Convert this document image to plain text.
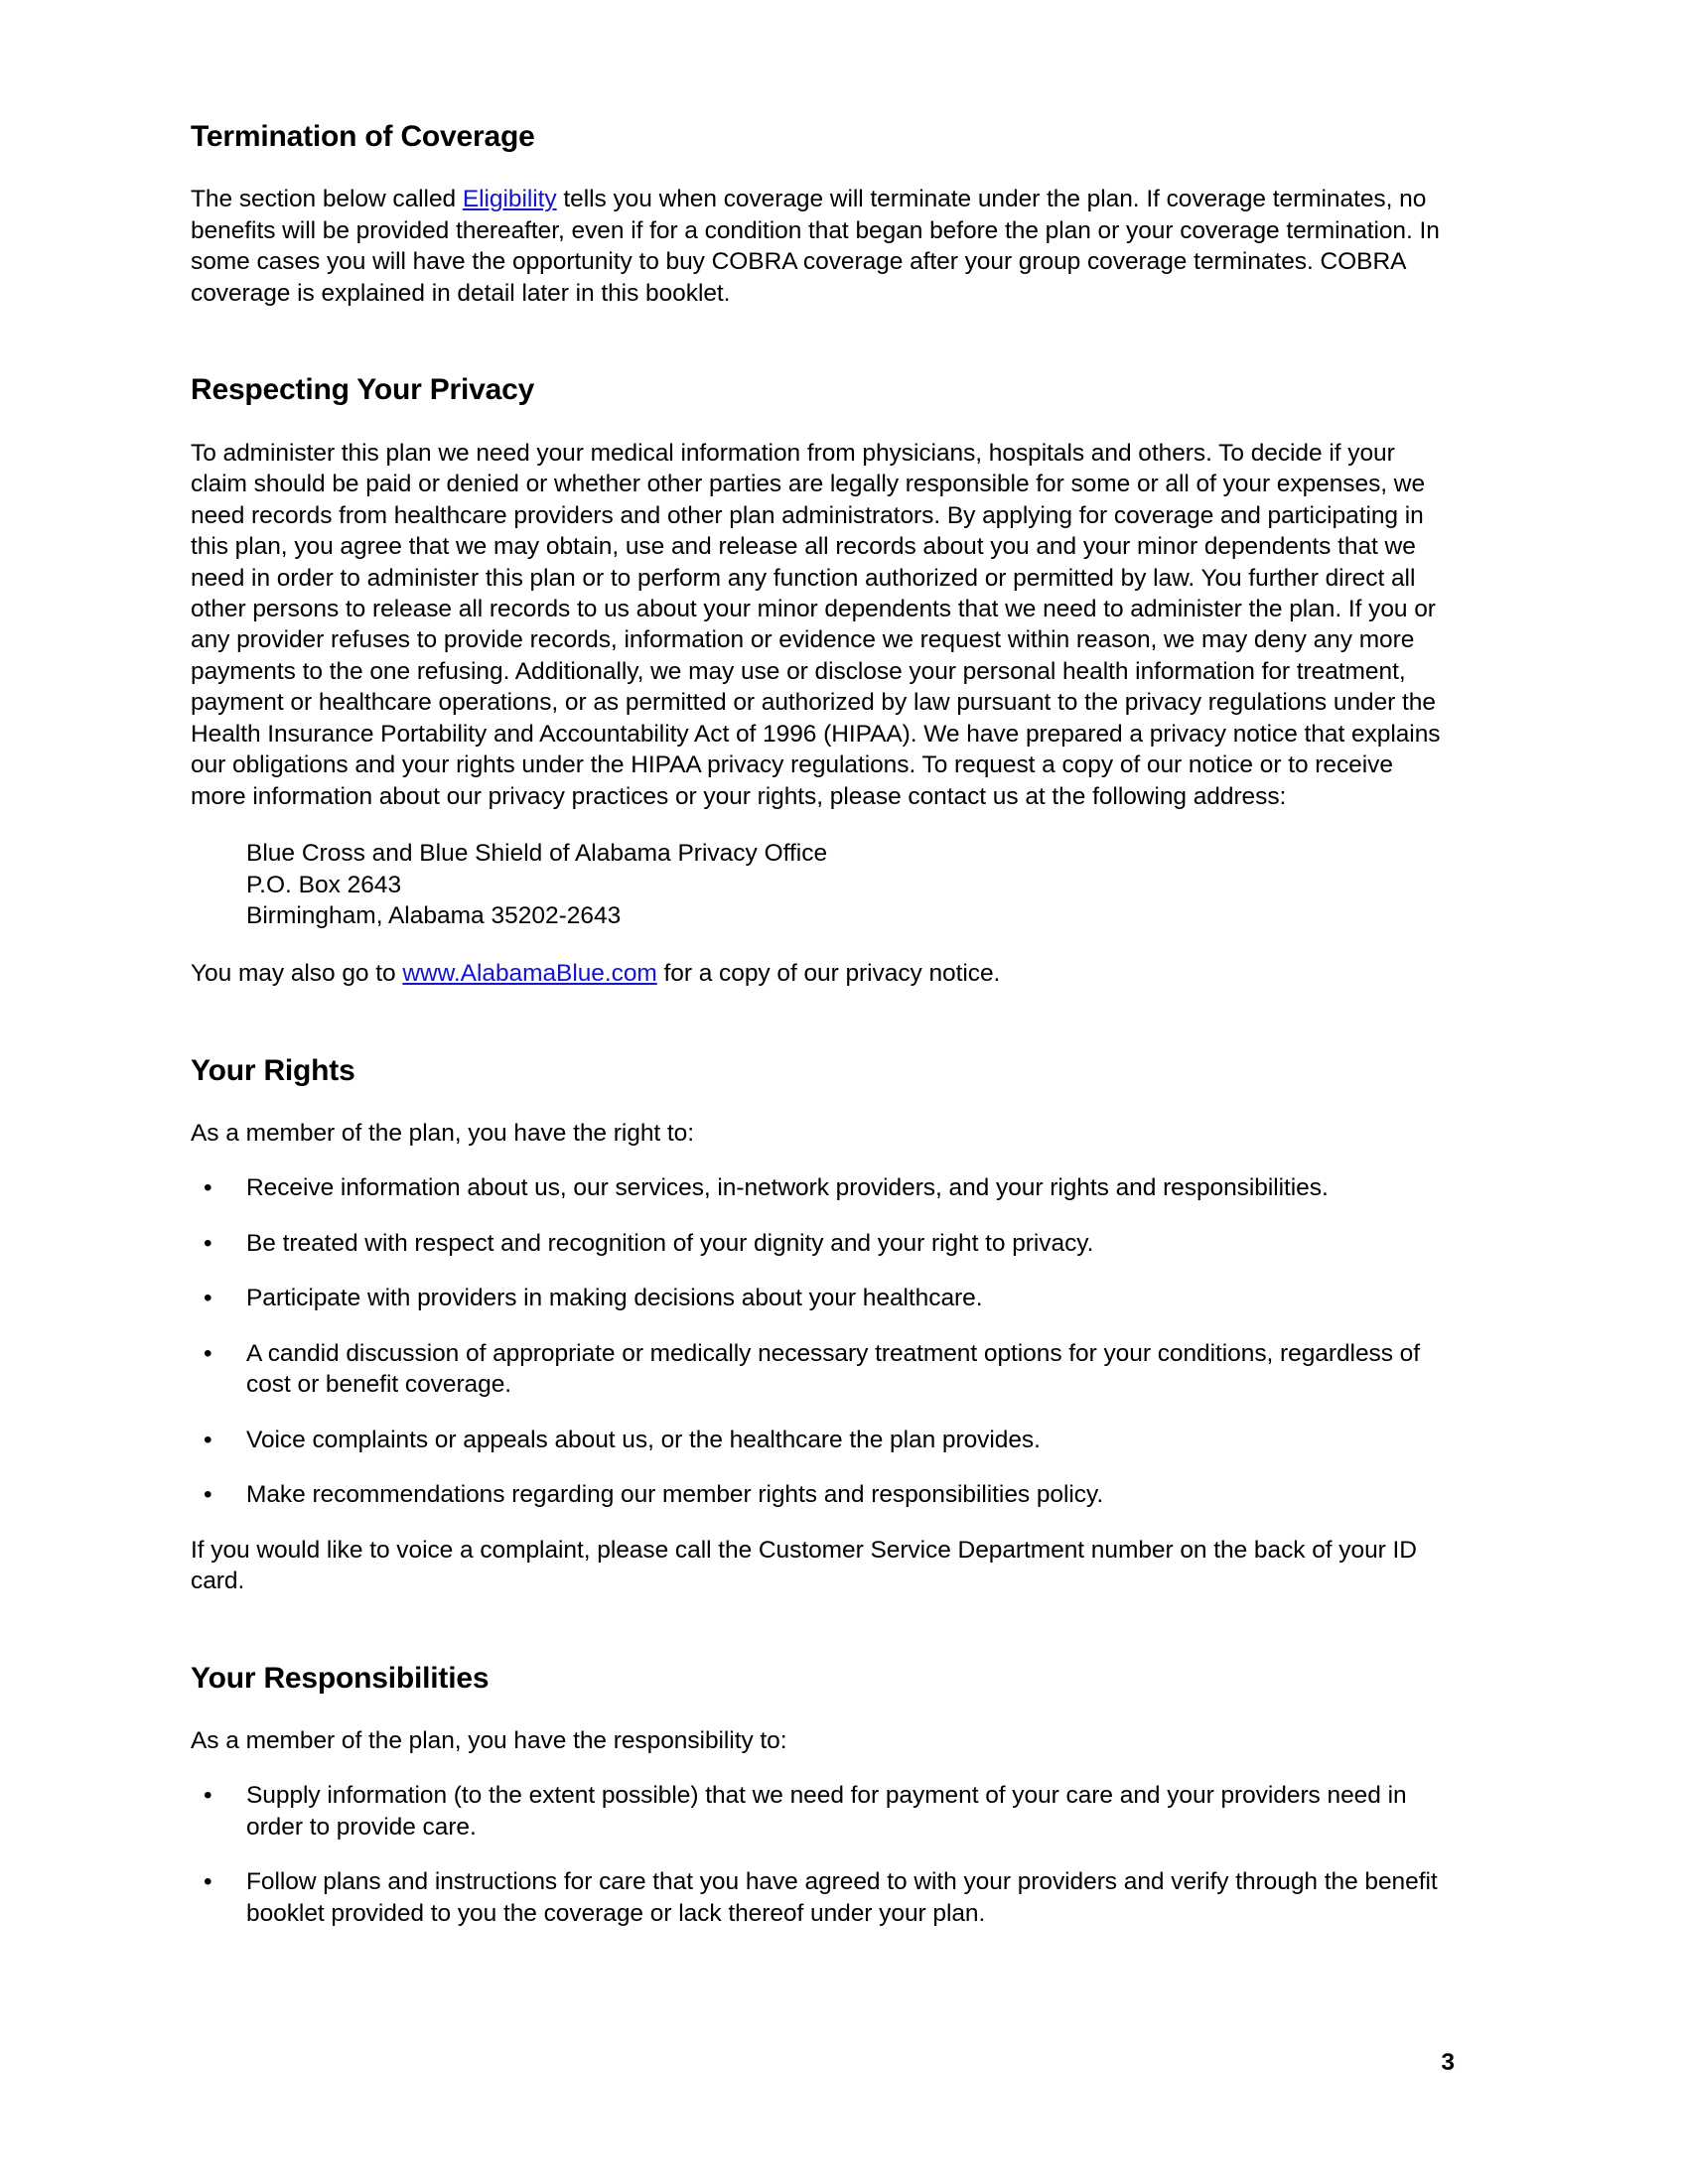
Termination of Coverage

The section below called Eligibility tells you when coverage will terminate under the plan. If coverage terminates, no benefits will be provided thereafter, even if for a condition that began before the plan or your coverage termination. In some cases you will have the opportunity to buy COBRA coverage after your group coverage terminates. COBRA coverage is explained in detail later in this booklet.

Respecting Your Privacy

To administer this plan we need your medical information from physicians, hospitals and others. To decide if your claim should be paid or denied or whether other parties are legally responsible for some or all of your expenses, we need records from healthcare providers and other plan administrators. By applying for coverage and participating in this plan, you agree that we may obtain, use and release all records about you and your minor dependents that we need in order to administer this plan or to perform any function authorized or permitted by law. You further direct all other persons to release all records to us about your minor dependents that we need to administer the plan. If you or any provider refuses to provide records, information or evidence we request within reason, we may deny any more payments to the one refusing. Additionally, we may use or disclose your personal health information for treatment, payment or healthcare operations, or as permitted or authorized by law pursuant to the privacy regulations under the Health Insurance Portability and Accountability Act of 1996 (HIPAA). We have prepared a privacy notice that explains our obligations and your rights under the HIPAA privacy regulations. To request a copy of our notice or to receive more information about our privacy practices or your rights, please contact us at the following address:

Blue Cross and Blue Shield of Alabama Privacy Office
P.O. Box 2643
Birmingham, Alabama 35202-2643

You may also go to www.AlabamaBlue.com for a copy of our privacy notice.

Your Rights

As a member of the plan, you have the right to:

• Receive information about us, our services, in-network providers, and your rights and responsibilities.
• Be treated with respect and recognition of your dignity and your right to privacy.
• Participate with providers in making decisions about your healthcare.
• A candid discussion of appropriate or medically necessary treatment options for your conditions, regardless of cost or benefit coverage.
• Voice complaints or appeals about us, or the healthcare the plan provides.
• Make recommendations regarding our member rights and responsibilities policy.

If you would like to voice a complaint, please call the Customer Service Department number on the back of your ID card.

Your Responsibilities

As a member of the plan, you have the responsibility to:

• Supply information (to the extent possible) that we need for payment of your care and your providers need in order to provide care.
• Follow plans and instructions for care that you have agreed to with your providers and verify through the benefit booklet provided to you the coverage or lack thereof under your plan.
3
